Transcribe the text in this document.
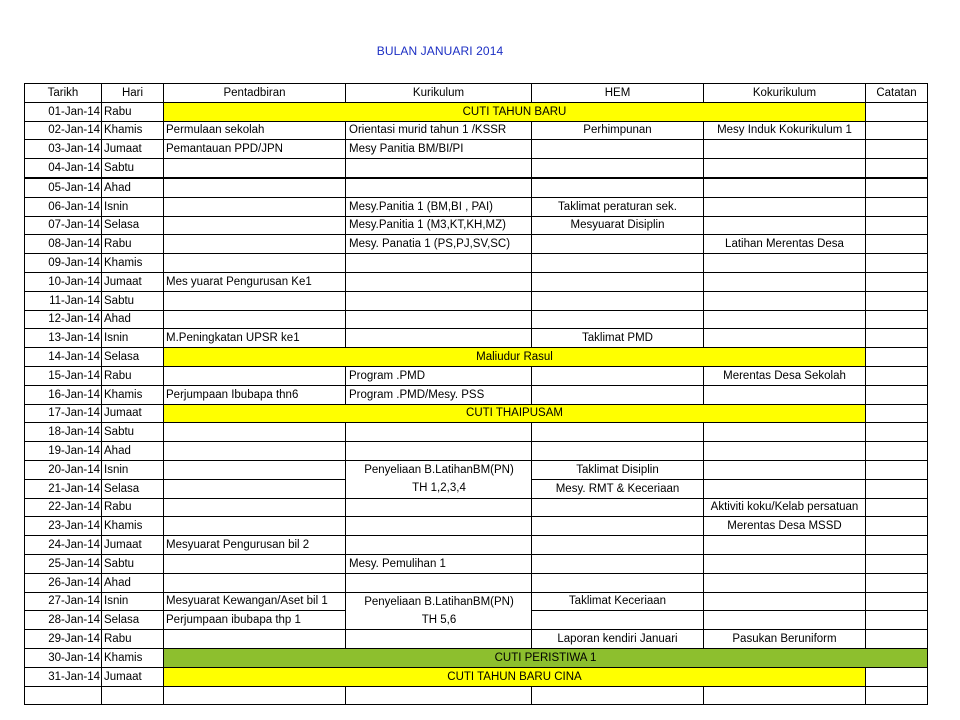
BULAN JANUARI 2014
Tarikh	Hari	Pentadbiran	Kurikulum	HEM	Kokurikulum	Catatan
01-Jan-14	Rabu	CUTI TAHUN BARU				
02-Jan-14	Khamis	Permulaan sekolah	Orientasi murid tahun 1 /KSSR	Perhimpunan	Mesy Induk Kokurikulum 1	
03-Jan-14	Jumaat	Pemantauan PPD/JPN	Mesy Panitia BM/BI/PI			
04-Jan-14	Sabtu					
05-Jan-14	Ahad					
06-Jan-14	Isnin		Mesy.Panitia 1 (BM,BI , PAI)	Taklimat peraturan sek.		
07-Jan-14	Selasa		Mesy.Panitia 1 (M3,KT,KH,MZ)	Mesyuarat Disiplin		
08-Jan-14	Rabu		Mesy. Panatia 1 (PS,PJ,SV,SC)		Latihan Merentas Desa	
09-Jan-14	Khamis					
10-Jan-14	Jumaat	Mes yuarat Pengurusan Ke1				
11-Jan-14	Sabtu					
12-Jan-14	Ahad					
13-Jan-14	Isnin	M.Peningkatan UPSR ke1		Taklimat PMD		
14-Jan-14	Selasa	Maliudur Rasul				
15-Jan-14	Rabu		Program .PMD		Merentas Desa Sekolah	
16-Jan-14	Khamis	Perjumpaan Ibubapa thn6	Program .PMD/Mesy. PSS			
17-Jan-14	Jumaat	CUTI THAIPUSAM				
18-Jan-14	Sabtu					
19-Jan-14	Ahad					
20-Jan-14	Isnin		Penyeliaan B.LatihanBM(PN)	Taklimat Disiplin		
21-Jan-14	Selasa		TH 1,2,3,4	Mesy. RMT & Keceriaan		
22-Jan-14	Rabu				Aktiviti koku/Kelab persatuan	
23-Jan-14	Khamis				Merentas Desa MSSD	
24-Jan-14	Jumaat	Mesyuarat Pengurusan bil 2				
25-Jan-14	Sabtu		Mesy. Pemulihan 1			
26-Jan-14	Ahad					
27-Jan-14	Isnin	Mesyuarat Kewangan/Aset bil 1	Penyeliaan B.LatihanBM(PN)	Taklimat Keceriaan		
28-Jan-14	Selasa	Perjumpaan ibubapa thp 1	TH 5,6			
29-Jan-14	Rabu			Laporan kendiri Januari	Pasukan Beruniform	
30-Jan-14	Khamis	CUTI PERISTIWA 1				
31-Jan-14	Jumaat	CUTI TAHUN BARU CINA				
